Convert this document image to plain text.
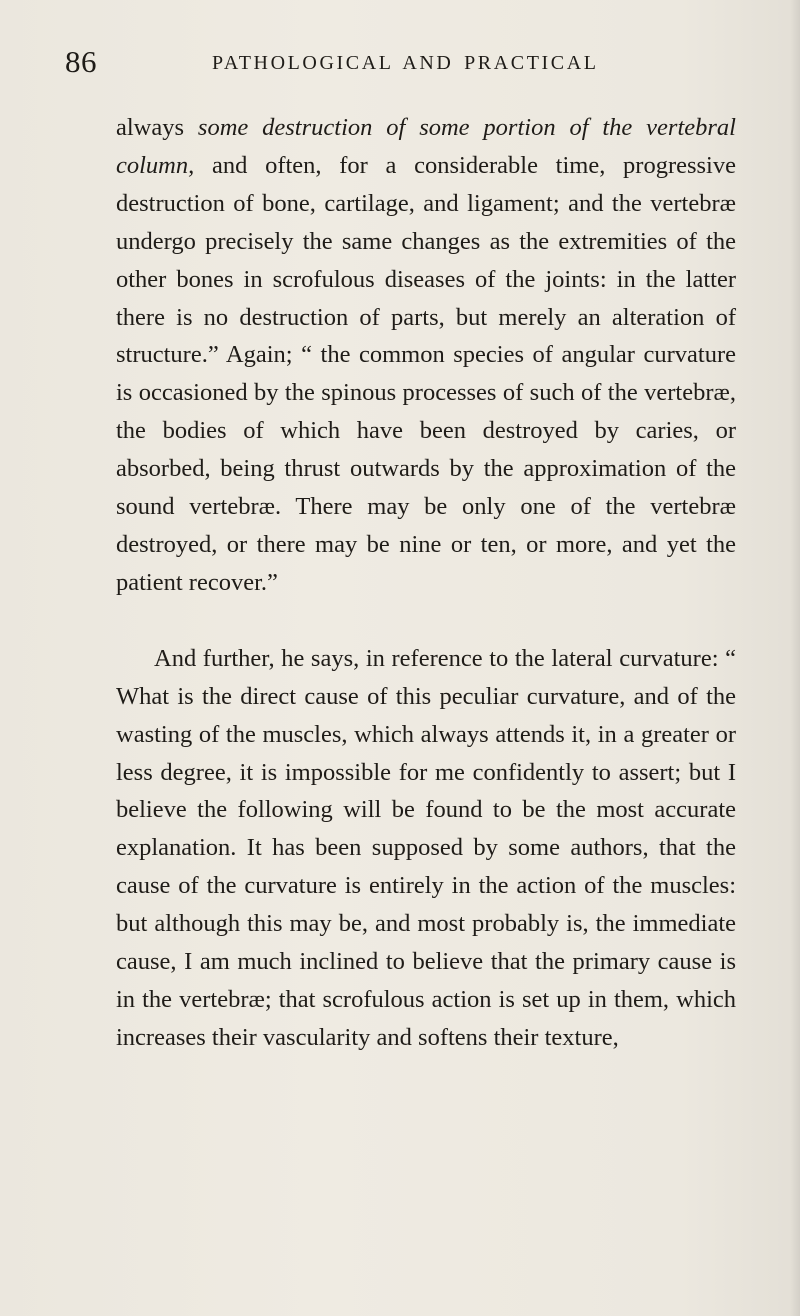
86	PATHOLOGICAL AND PRACTICAL

always some destruction of some portion of the vertebral column, and often, for a considerable time, progressive destruction of bone, cartilage, and ligament; and the vertebræ undergo precisely the same changes as the extremities of the other bones in scrofulous diseases of the joints: in the latter there is no destruction of parts, but merely an alteration of structure.” Again; “ the common species of angular curvature is occasioned by the spinous processes of such of the vertebræ, the bodies of which have been destroyed by caries, or absorbed, being thrust outwards by the approximation of the sound vertebræ. There may be only one of the vertebræ destroyed, or there may be nine or ten, or more, and yet the patient recover.”

And further, he says, in reference to the lateral curvature: “ What is the direct cause of this peculiar curvature, and of the wasting of the muscles, which always attends it, in a greater or less degree, it is impossible for me confidently to assert; but I believe the following will be found to be the most accurate explanation. It has been supposed by some authors, that the cause of the curvature is entirely in the action of the muscles: but although this may be, and most probably is, the immediate cause, I am much inclined to believe that the primary cause is in the vertebræ; that scrofulous action is set up in them, which increases their vascularity and softens their texture,
